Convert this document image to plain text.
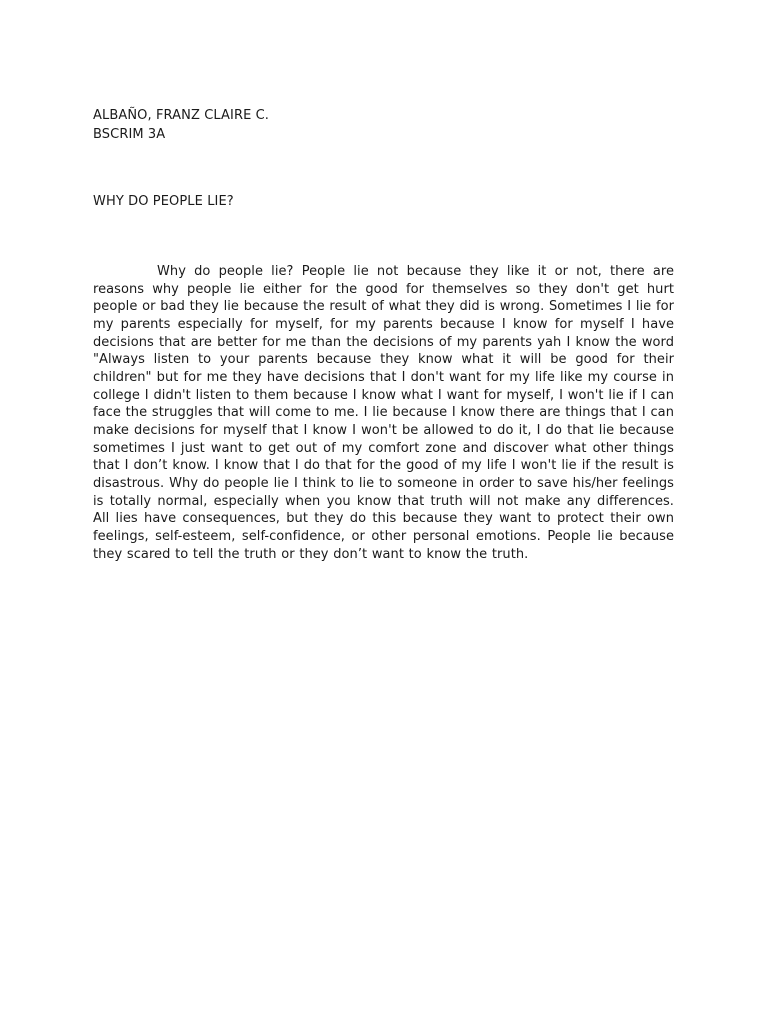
ALBAÑO, FRANZ CLAIRE C.
BSCRIM 3A
WHY DO PEOPLE LIE?

Why do people lie? People lie not because they like it or not, there are reasons why people lie either for the good for themselves so they don't get hurt people or bad they lie because the result of what they did is wrong. Sometimes I lie for my parents especially for myself, for my parents because I know for myself I have decisions that are better for me than the decisions of my parents yah I know the word "Always listen to your parents because they know what it will be good for their children" but for me they have decisions that I don't want for my life like my course in college I didn't listen to them because I know what I want for myself, I won't lie if I can face the struggles that will come to me. I lie because I know there are things that I can make decisions for myself that I know I won't be allowed to do it, I do that lie because sometimes I just want to get out of my comfort zone and discover what other things that I don’t know. I know that I do that for the good of my life I won't lie if the result is disastrous. Why do people lie I think to lie to someone in order to save his/her feelings is totally normal, especially when you know that truth will not make any differences. All lies have consequences, but they do this because they want to protect their own feelings, self-esteem, self-confidence, or other personal emotions. People lie because they scared to tell the truth or they don’t want to know the truth.
